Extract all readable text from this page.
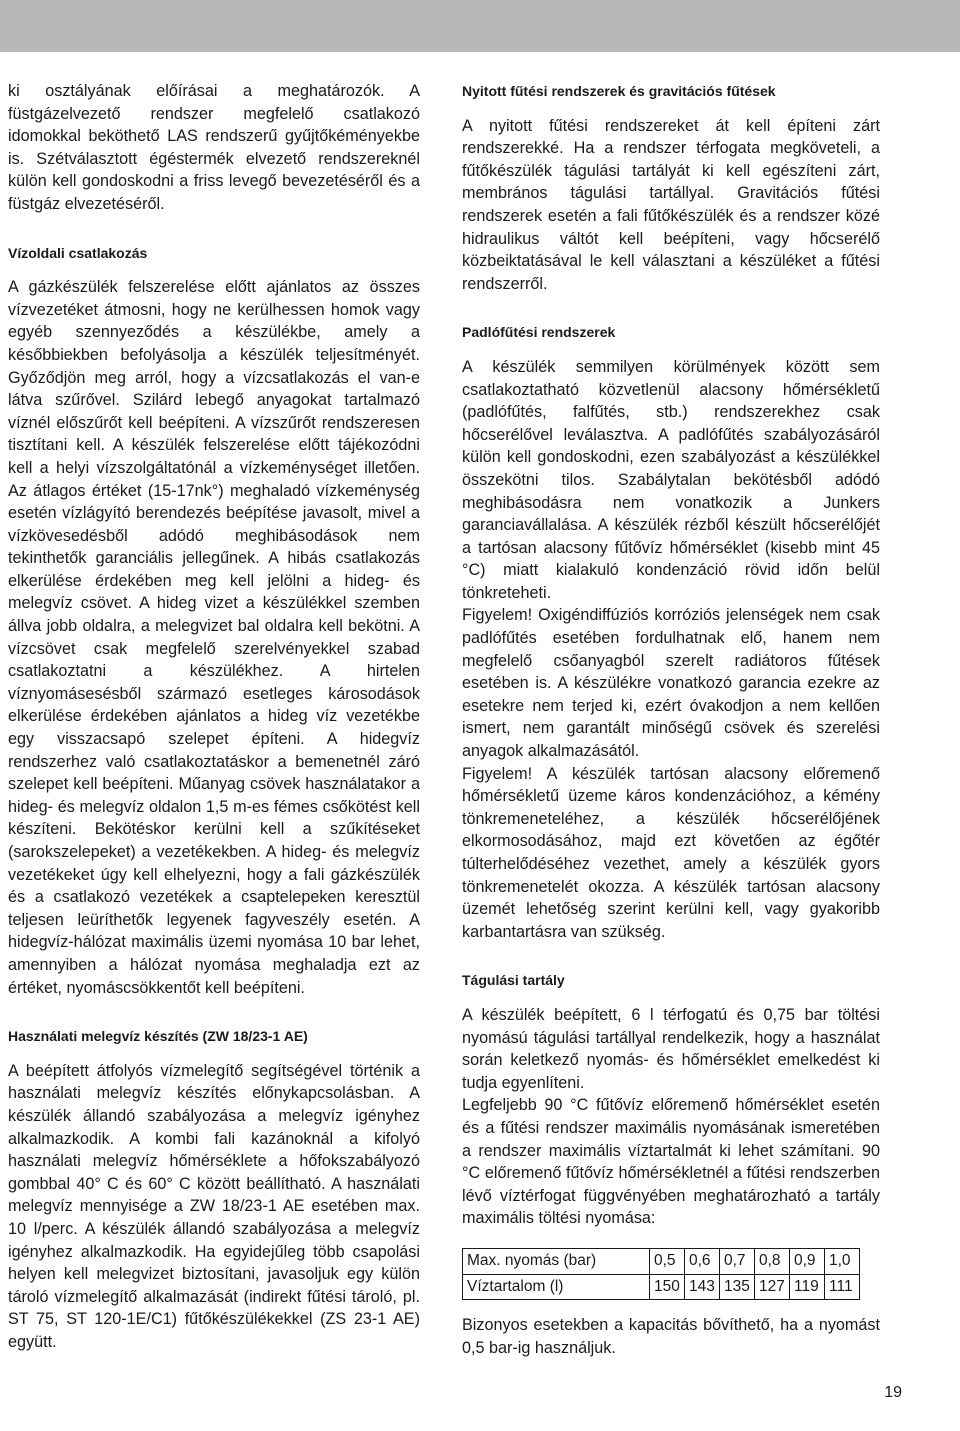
ki osztályának előírásai a meghatározók. A füstgázelvezető rendszer megfelelő csatlakozó idomokkal beköthető LAS rendszerű gyűjtőkéményekbe is. Szétválasztott égéstermék elvezető rendszereknél külön kell gondoskodni a friss levegő bevezetéséről és a füstgáz elvezetéséről.

Vízoldali csatlakozás

A gázkészülék felszerelése előtt ajánlatos az összes vízvezetéket átmosni, hogy ne kerülhessen homok vagy egyéb szennyeződés a készülékbe, amely a későbbiekben befolyásolja a készülék teljesítményét. Győződjön meg arról, hogy a vízcsatlakozás el van-e látva szűrővel. Szilárd lebegő anyagokat tartalmazó víznél előszűrőt kell beépíteni. A vízszűrőt rendszeresen tisztítani kell. A készülék felszerelése előtt tájékozódni kell a helyi vízszolgáltatónál a vízkeménységet illetően. Az átlagos értéket (15-17nk°) meghaladó vízkeménység esetén vízlágyító berendezés beépítése javasolt, mivel a vízkövesedésből adódó meghibásodások nem tekinthetők garanciális jellegűnek. A hibás csatlakozás elkerülése érdekében meg kell jelölni a hideg- és melegvíz csövet. A hideg vizet a készülékkel szemben állva jobb oldalra, a melegvizet bal oldalra kell bekötni. A vízcsövet csak megfelelő szerelvényekkel szabad csatlakoztatni a készülékhez. A hirtelen víznyomásesésből származó esetleges károsodások elkerülése érdekében ajánlatos a hideg víz vezetékbe egy visszacsapó szelepet építeni. A hidegvíz rendszerhez való csatlakoztatáskor a bemenetnél záró szelepet kell beépíteni. Műanyag csövek használatakor a hideg- és melegvíz oldalon 1,5 m-es fémes csőkötést kell készíteni. Bekötéskor kerülni kell a szűkítéseket (sarokszelepeket) a vezetékekben. A hideg- és melegvíz vezetékeket úgy kell elhelyezni, hogy a fali gázkészülék és a csatlakozó vezetékek a csaptelepeken keresztül teljesen leüríthetők legyenek fagyveszély esetén. A hidegvíz-hálózat maximális üzemi nyomása 10 bar lehet, amennyiben a hálózat nyomása meghaladja ezt az értéket, nyomáscsökkentőt kell beépíteni.

Használati melegvíz készítés (ZW 18/23-1 AE)

A beépített átfolyós vízmelegítő segítségével történik a használati melegvíz készítés előnykapcsolásban. A készülék állandó szabályozása a melegvíz igényhez alkalmazkodik. A kombi fali kazánoknál a kifolyó használati melegvíz hőmérséklete a hőfokszabályozó gombbal 40° C és 60° C között beállítható. A használati melegvíz mennyisége a ZW 18/23-1 AE esetében max. 10 l/perc. A készülék állandó szabályozása a melegvíz igényhez alkalmazkodik. Ha egyidejűleg több csapolási helyen kell melegvizet biztosítani, javasoljuk egy külön tároló vízmelegítő alkalmazását (indirekt fűtési tároló, pl. ST 75, ST 120-1E/C1) fűtőkészülékekkel (ZS 23-1 AE) együtt.

Nyitott fűtési rendszerek és gravitációs fűtések

A nyitott fűtési rendszereket át kell építeni zárt rendszerekké. Ha a rendszer térfogata megköveteli, a fűtőkészülék tágulási tartályát ki kell egészíteni zárt, membrános tágulási tartállyal. Gravitációs fűtési rendszerek esetén a fali fűtőkészülék és a rendszer közé hidraulikus váltót kell beépíteni, vagy hőcserélő közbeiktatásával le kell választani a készüléket a fűtési rendszerről.

Padlófűtési rendszerek

A készülék semmilyen körülmények között sem csatlakoztatható közvetlenül alacsony hőmérsékletű (padlófűtés, falfűtés, stb.) rendszerekhez csak hőcserélővel leválasztva. A padlófűtés szabályozásáról külön kell gondoskodni, ezen szabályozást a készülékkel összekötni tilos. Szabálytalan bekötésből adódó meghibásodásra nem vonatkozik a Junkers garanciavállalása. A készülék rézből készült hőcserélőjét a tartósan alacsony fűtővíz hőmérséklet (kisebb mint 45 °C) miatt kialakuló kondenzáció rövid időn belül tönkreteheti.

Figyelem! Oxigéndiffúziós korróziós jelenségek nem csak padlófűtés esetében fordulhatnak elő, hanem nem megfelelő csőanyagból szerelt radiátoros fűtések esetében is. A készülékre vonatkozó garancia ezekre az esetekre nem terjed ki, ezért óvakodjon a nem kellően ismert, nem garantált minőségű csövek és szerelési anyagok alkalmazásától.

Figyelem! A készülék tartósan alacsony előremenő hőmérsékletű üzeme káros kondenzációhoz, a kémény tönkremeneteléhez, a készülék hőcserélőjének elkormosodásához, majd ezt követően az égőtér túlterhelődéséhez vezethet, amely a készülék gyors tönkremenetelét okozza. A készülék tartósan alacsony üzemét lehetőség szerint kerülni kell, vagy gyakoribb karbantartásra van szükség.

Tágulási tartály

A készülék beépített, 6 l térfogatú és 0,75 bar töltési nyomású tágulási tartállyal rendelkezik, hogy a használat során keletkező nyomás- és hőmérséklet emelkedést ki tudja egyenlíteni.

Legfeljebb 90 °C fűtővíz előremenő hőmérséklet esetén és a fűtési rendszer maximális nyomásának ismeretében a rendszer maximális víztartalmát ki lehet számítani. 90 °C előremenő fűtővíz hőmérsékletnél a fűtési rendszerben lévő víztérfogat függvényében meghatározható a tartály maximális töltési nyomása:

Max. nyomás (bar)	0,5	0,6	0,7	0,8	0,9	1,0
Víztartalom (l)	150	143	135	127	119	111

Bizonyos esetekben a kapacitás bővíthető, ha a nyomást 0,5 bar-ig használjuk.

19
